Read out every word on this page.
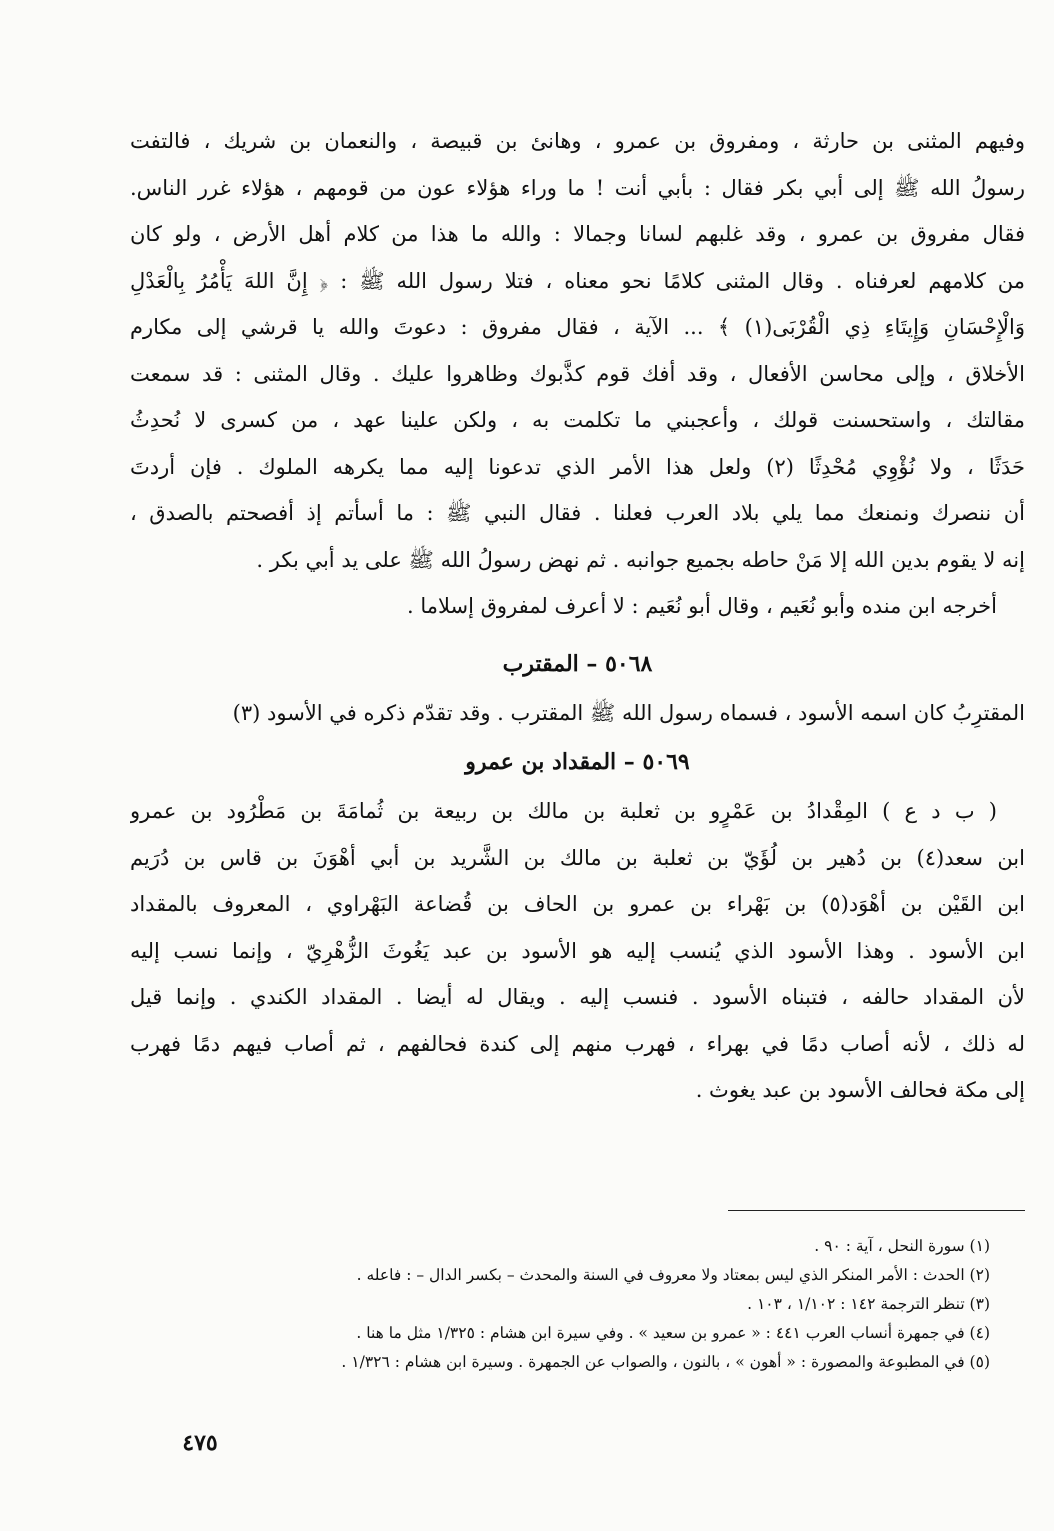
وفيهم المثنى بن حارثة ، ومفروق بن عمرو ، وهانئ بن قبيصة ، والنعمان بن شريك ، فالتفت
رسولُ الله ﷺ إلى أبي بكر فقال : بأبي أنت ! ما وراء هؤلاء عون من قومهم ، هؤلاء غرر الناس.
فقال مفروق بن عمرو ، وقد غلبهم لسانا وجمالا : والله ما هذا من كلام أهل الأرض ، ولو كان
من كلامهم لعرفناه . وقال المثنى كلامًا نحو معناه ، فتلا رسول الله ﷺ : ﴿ إِنَّ اللهَ يَأْمُرُ بِالْعَدْلِ
وَالْإِحْسَانِ وَإِيتَاءِ ذِي الْقُرْبَى(١) ﴾ ... الآية ، فقال مفروق : دعوتَ والله يا قرشي إلى مكارم
الأخلاق ، وإلى محاسن الأفعال ، وقد أفك قوم كذَّبوك وظاهروا عليك . وقال المثنى : قد سمعت
مقالتك ، واستحسنت قولك ، وأعجبني ما تكلمت به ، ولكن علينا عهد ، من كسرى لا نُحدِثُ
حَدَثًا ، ولا نُؤْوِي مُحْدِثًا (٢) ولعل هذا الأمر الذي تدعونا إليه مما يكرهه الملوك . فإن أردتَ
أن ننصرك ونمنعك مما يلي بلاد العرب فعلنا . فقال النبي ﷺ : ما أسأتم إذ أفصحتم بالصدق ،
إنه لا يقوم بدين الله إلا مَنْ حاطه بجميع جوانبه . ثم نهض رسولُ الله ﷺ على يد أبي بكر .
أخرجه ابن منده وأبو نُعَيم ، وقال أبو نُعَيم : لا أعرف لمفروق إسلاما .
٥٠٦٨ – المقترب
المقترِبُ كان اسمه الأسود ، فسماه رسول الله ﷺ المقترب . وقد تقدّم ذكره في الأسود (٣)
٥٠٦٩ – المقداد بن عمرو
( ب د ع ) المِقْدادُ بن عَمْرٍو بن ثعلبة بن مالك بن ربيعة بن ثُمامَةَ بن مَطْرُود بن عمرو
ابن سعد(٤) بن دُهير بن لُؤَيّ بن ثعلبة بن مالك بن الشَّريد بن أبي أهْوَنَ بن قاس بن دُرَيم
ابن القَيْن بن أهْوَد(٥) بن بَهْراء بن عمرو بن الحاف بن قُضاعة البَهْراوي ، المعروف بالمقداد
ابن الأسود . وهذا الأسود الذي يُنسب إليه هو الأسود بن عبد يَغُوثَ الزُّهْرِيّ ، وإنما نسب إليه
لأن المقداد حالفه ، فتبناه الأسود . فنسب إليه . ويقال له أيضا . المقداد الكندي . وإنما قيل
له ذلك ، لأنه أصاب دمًا في بهراء ، فهرب منهم إلى كندة فحالفهم ، ثم أصاب فيهم دمًا فهرب
إلى مكة فحالف الأسود بن عبد يغوث .
(١) سورة النحل ، آية : ٩٠ .
(٢) الحدث : الأمر المنكر الذي ليس بمعتاد ولا معروف في السنة والمحدث – بكسر الدال – : فاعله .
(٣) تنظر الترجمة ١٤٢ : ١/١٠٢ ، ١٠٣ .
(٤) في جمهرة أنساب العرب ٤٤١ : « عمرو بن سعيد » . وفي سيرة ابن هشام : ١/٣٢٥ مثل ما هنا .
(٥) في المطبوعة والمصورة : « أهون » ، بالنون ، والصواب عن الجمهرة . وسيرة ابن هشام : ١/٣٢٦ .
٤٧٥
